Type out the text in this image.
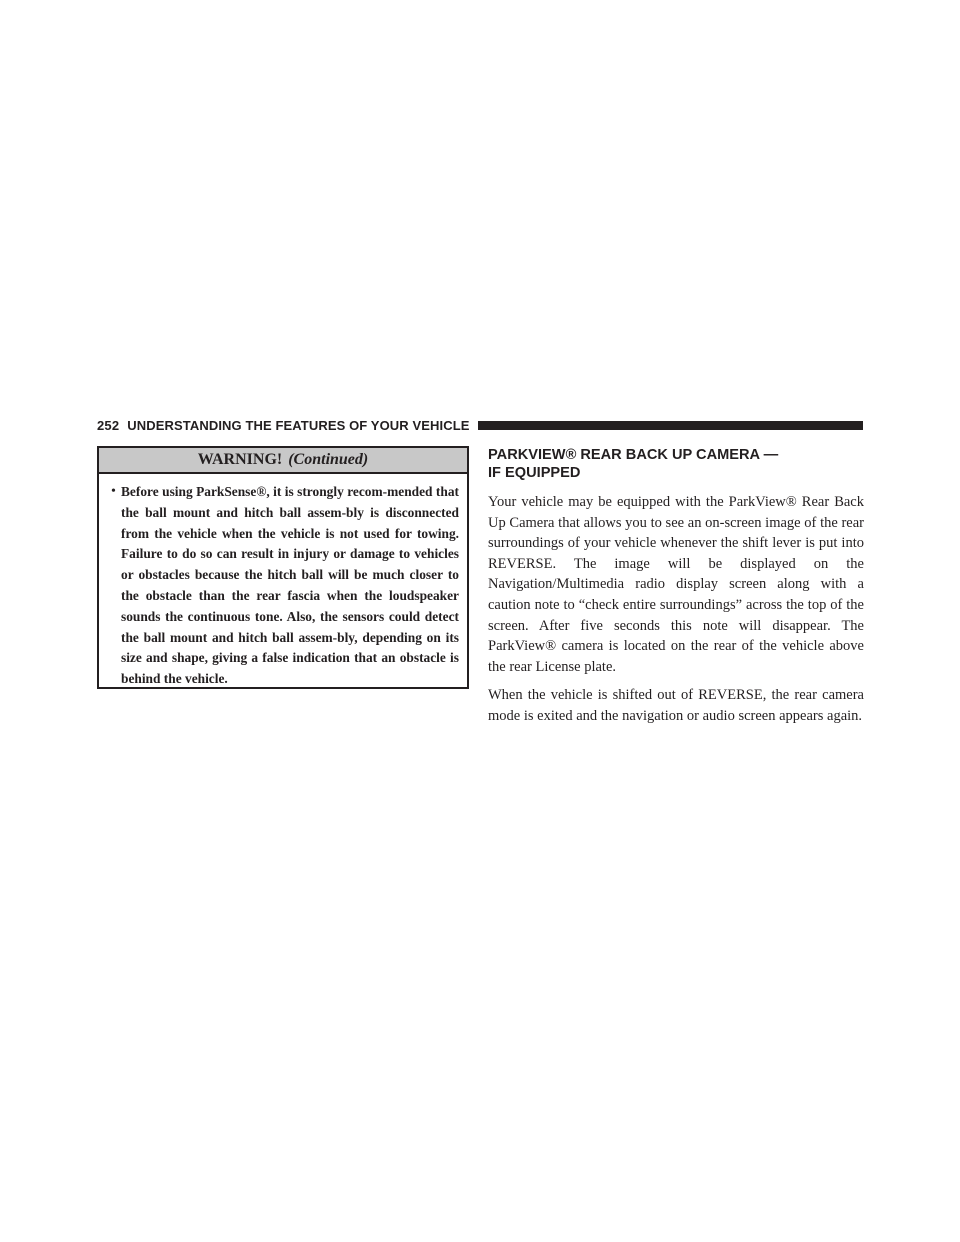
252 UNDERSTANDING THE FEATURES OF YOUR VEHICLE
WARNING! (Continued)
• Before using ParkSense®, it is strongly recom-mended that the ball mount and hitch ball assem-bly is disconnected from the vehicle when the vehicle is not used for towing. Failure to do so can result in injury or damage to vehicles or obstacles because the hitch ball will be much closer to the obstacle than the rear fascia when the loudspeaker sounds the continuous tone. Also, the sensors could detect the ball mount and hitch ball assem-bly, depending on its size and shape, giving a false indication that an obstacle is behind the vehicle.

PARKVIEW® REAR BACK UP CAMERA —
IF EQUIPPED

Your vehicle may be equipped with the ParkView® Rear Back Up Camera that allows you to see an on-screen image of the rear surroundings of your vehicle whenever the shift lever is put into REVERSE. The image will be displayed on the Navigation/Multimedia radio display screen along with a caution note to “check entire surroundings” across the top of the screen. After five seconds this note will disappear. The ParkView® camera is located on the rear of the vehicle above the rear License plate.

When the vehicle is shifted out of REVERSE, the rear camera mode is exited and the navigation or audio screen appears again.
